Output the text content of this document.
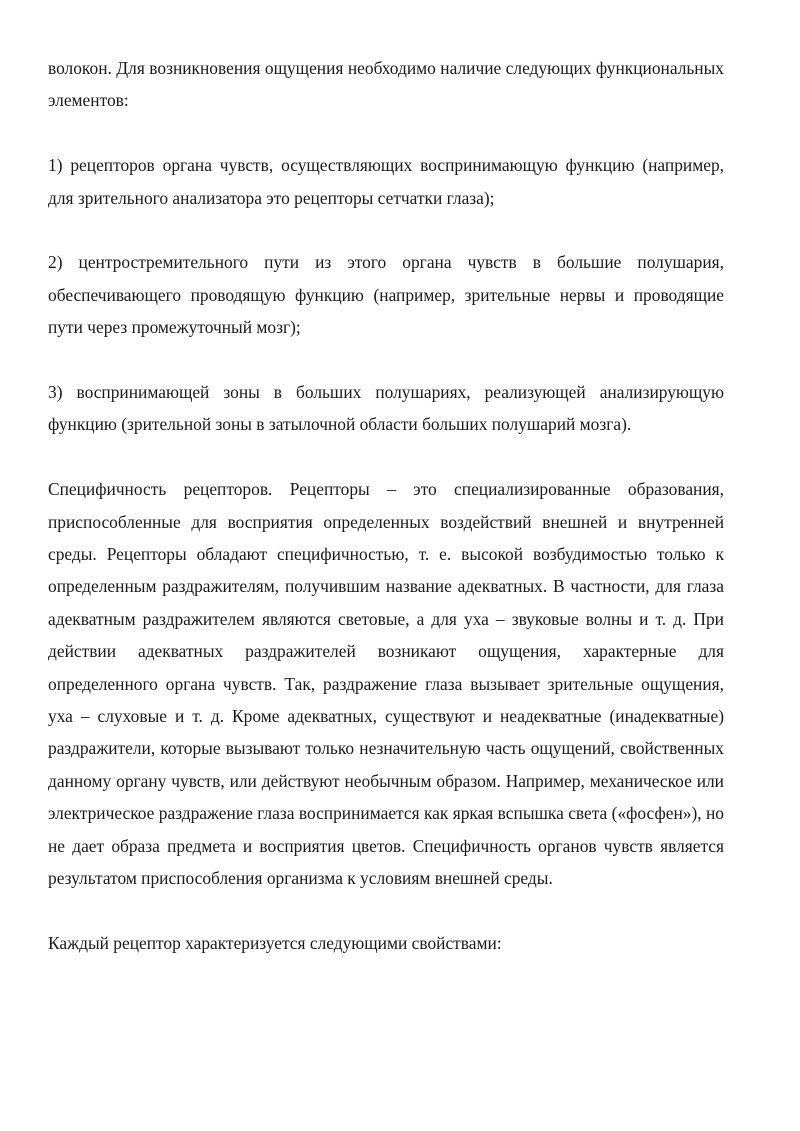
волокон. Для возникновения ощущения необходимо наличие следующих функциональных элементов:

1) рецепторов органа чувств, осуществляющих воспринимающую функцию (например, для зрительного анализатора это рецепторы сетчатки глаза);

2) центростремительного пути из этого органа чувств в большие полушария, обеспечивающего проводящую функцию (например, зрительные нервы и проводящие пути через промежуточный мозг);

3) воспринимающей зоны в больших полушариях, реализующей анализирующую функцию (зрительной зоны в затылочной области больших полушарий мозга).

Специфичность рецепторов. Рецепторы – это специализированные образования, приспособленные для восприятия определенных воздействий внешней и внутренней среды. Рецепторы обладают специфичностью, т. е. высокой возбудимостью только к определенным раздражителям, получившим название адекватных. В частности, для глаза адекватным раздражителем являются световые, а для уха – звуковые волны и т. д. При действии адекватных раздражителей возникают ощущения, характерные для определенного органа чувств. Так, раздражение глаза вызывает зрительные ощущения, уха – слуховые и т. д. Кроме адекватных, существуют и неадекватные (инадекватные) раздражители, которые вызывают только незначительную часть ощущений, свойственных данному органу чувств, или действуют необычным образом. Например, механическое или электрическое раздражение глаза воспринимается как яркая вспышка света («фосфен»), но не дает образа предмета и восприятия цветов. Специфичность органов чувств является результатом приспособления организма к условиям внешней среды.

Каждый рецептор характеризуется следующими свойствами:
